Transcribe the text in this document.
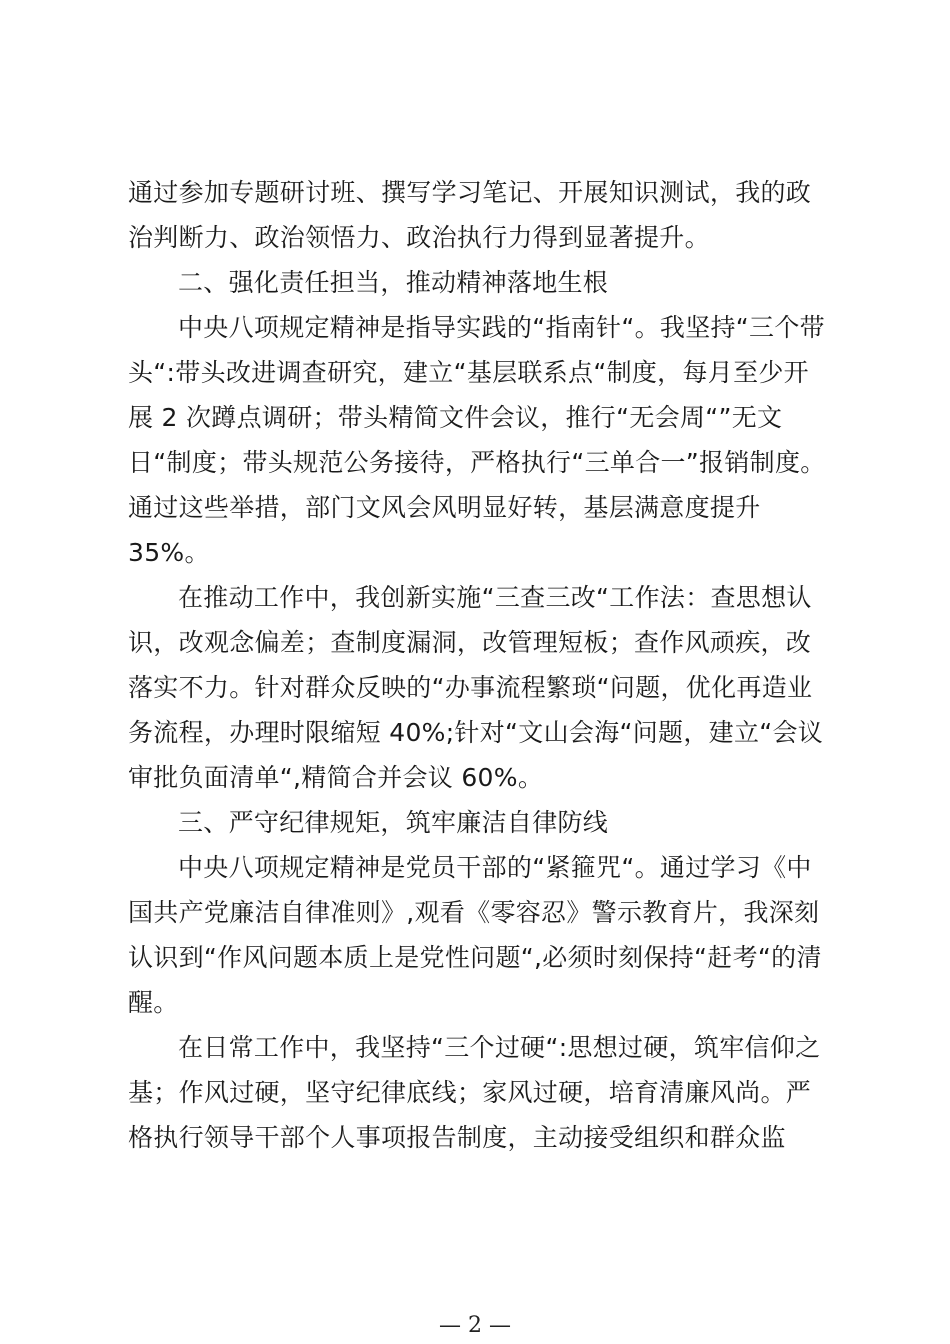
通过参加专题研讨班、撰写学习笔记、开展知识测试，我的政
治判断力、政治领悟力、政治执行力得到显著提升。
二、强化责任担当，推动精神落地生根
中央八项规定精神是指导实践的“指南针“。我坚持“三个带
头“:带头改进调查研究，建立“基层联系点“制度，每月至少开
展 2 次蹲点调研；带头精简文件会议，推行“无会周“”无文
日“制度；带头规范公务接待，严格执行“三单合一”报销制度。
通过这些举措，部门文风会风明显好转，基层满意度提升
35%。
在推动工作中，我创新实施“三查三改“工作法：查思想认
识，改观念偏差；查制度漏洞，改管理短板；查作风顽疾，改
落实不力。针对群众反映的“办事流程繁琐“问题，优化再造业
务流程，办理时限缩短 40%;针对“文山会海“问题，建立“会议
审批负面清单“,精简合并会议 60%。
三、严守纪律规矩，筑牢廉洁自律防线
中央八项规定精神是党员干部的“紧箍咒“。通过学习《中
国共产党廉洁自律准则》,观看《零容忍》警示教育片，我深刻
认识到“作风问题本质上是党性问题“,必须时刻保持“赶考“的清
醒。
在日常工作中，我坚持“三个过硬“:思想过硬，筑牢信仰之
基；作风过硬，坚守纪律底线；家风过硬，培育清廉风尚。严
格执行领导干部个人事项报告制度，主动接受组织和群众监
— 2 —
